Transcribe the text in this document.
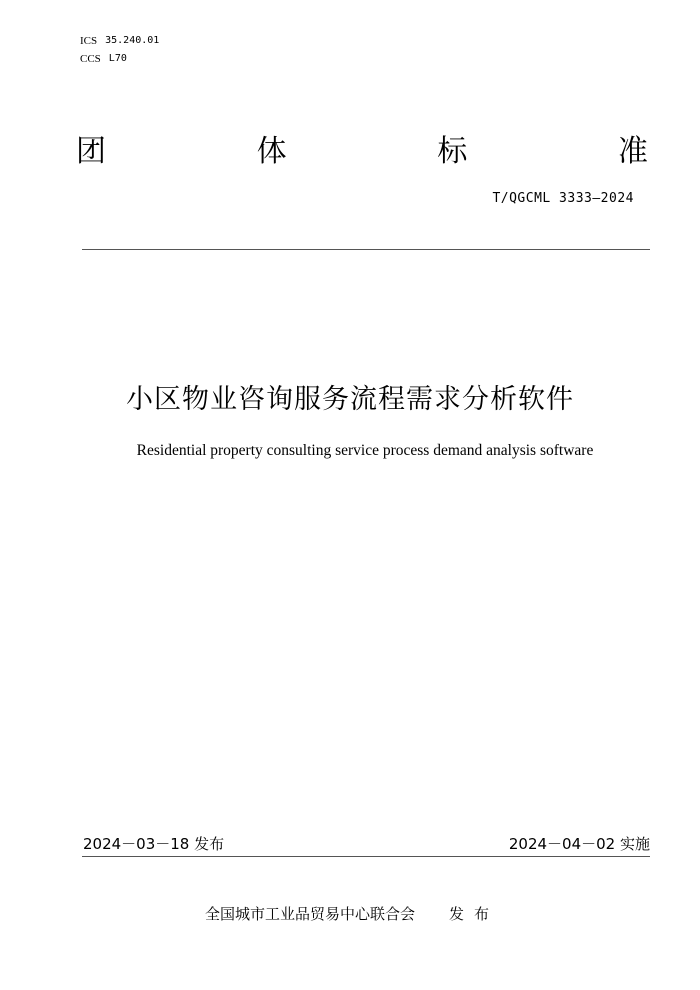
ICS 35.240.01
CCS L70
团	体	标	准
T/QGCML 3333—2024
小区物业咨询服务流程需求分析软件
Residential property consulting service process demand analysis software
2024－03－18 发布	2024－04－02 实施
全国城市工业品贸易中心联合会 发布
